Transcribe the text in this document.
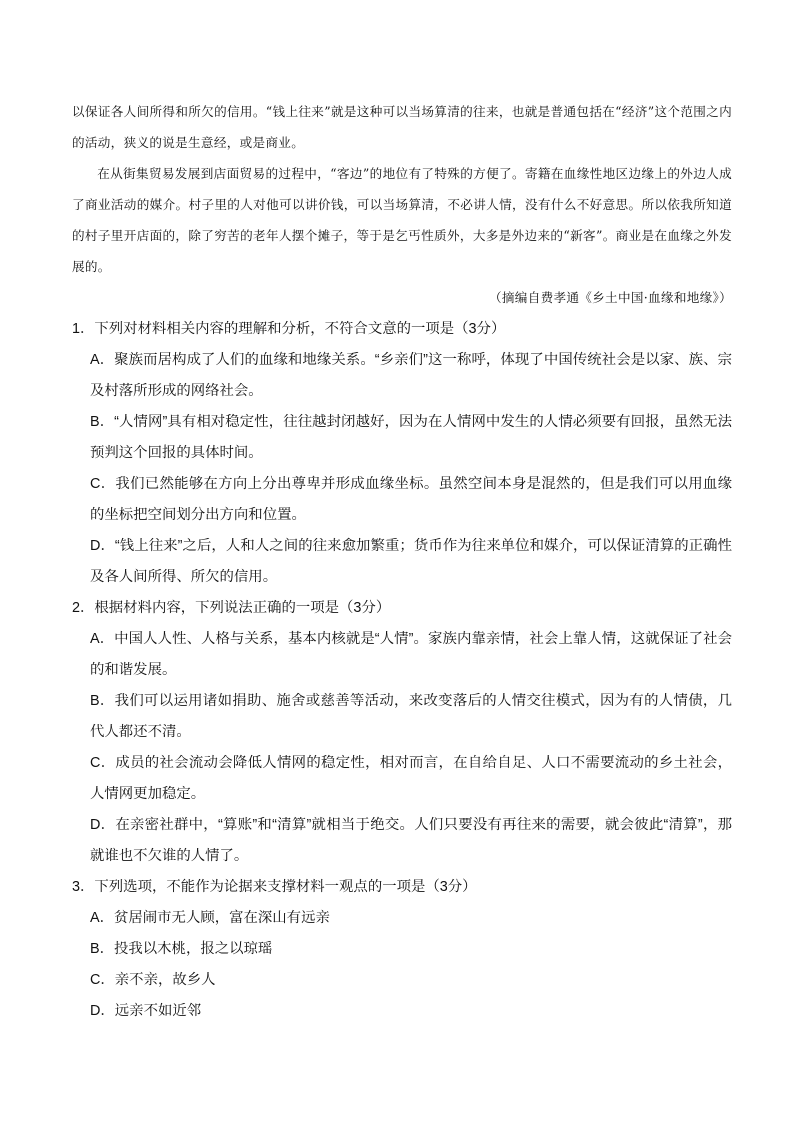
以保证各人间所得和所欠的信用。“钱上往来”就是这种可以当场算清的往来，也就是普通包括在“经济”这个范围之内的活动，狭义的说是生意经，或是商业。

在从街集贸易发展到店面贸易的过程中，“客边”的地位有了特殊的方便了。寄籍在血缘性地区边缘上的外边人成了商业活动的媒介。村子里的人对他可以讲价钱，可以当场算清，不必讲人情，没有什么不好意思。所以依我所知道的村子里开店面的，除了穷苦的老年人摆个摊子，等于是乞丐性质外，大多是外边来的“新客”。商业是在血缘之外发展的。

（摘编自费孝通《乡土中国·血缘和地缘》）

1．下列对材料相关内容的理解和分析，不符合文意的一项是（3分）

A．聚族而居构成了人们的血缘和地缘关系。“乡亲们”这一称呼，体现了中国传统社会是以家、族、宗及村落所形成的网络社会。

B．“人情网”具有相对稳定性，往往越封闭越好，因为在人情网中发生的人情必须要有回报，虽然无法预判这个回报的具体时间。

C．我们已然能够在方向上分出尊卑并形成血缘坐标。虽然空间本身是混然的，但是我们可以用血缘的坐标把空间划分出方向和位置。

D．“钱上往来”之后，人和人之间的往来愈加繁重；货币作为往来单位和媒介，可以保证清算的正确性及各人间所得、所欠的信用。

2．根据材料内容，下列说法正确的一项是（3分）

A．中国人人性、人格与关系，基本内核就是“人情”。家族内靠亲情，社会上靠人情，这就保证了社会的和谐发展。

B．我们可以运用诸如捐助、施舍或慈善等活动，来改变落后的人情交往模式，因为有的人情债，几代人都还不清。

C．成员的社会流动会降低人情网的稳定性，相对而言，在自给自足、人口不需要流动的乡土社会，人情网更加稳定。

D．在亲密社群中，“算账”和“清算”就相当于绝交。人们只要没有再往来的需要，就会彼此“清算”，那就谁也不欠谁的人情了。

3．下列选项，不能作为论据来支撑材料一观点的一项是（3分）

A．贫居闹市无人顾，富在深山有远亲

B．投我以木桃，报之以琼瑶

C．亲不亲，故乡人

D．远亲不如近邻
